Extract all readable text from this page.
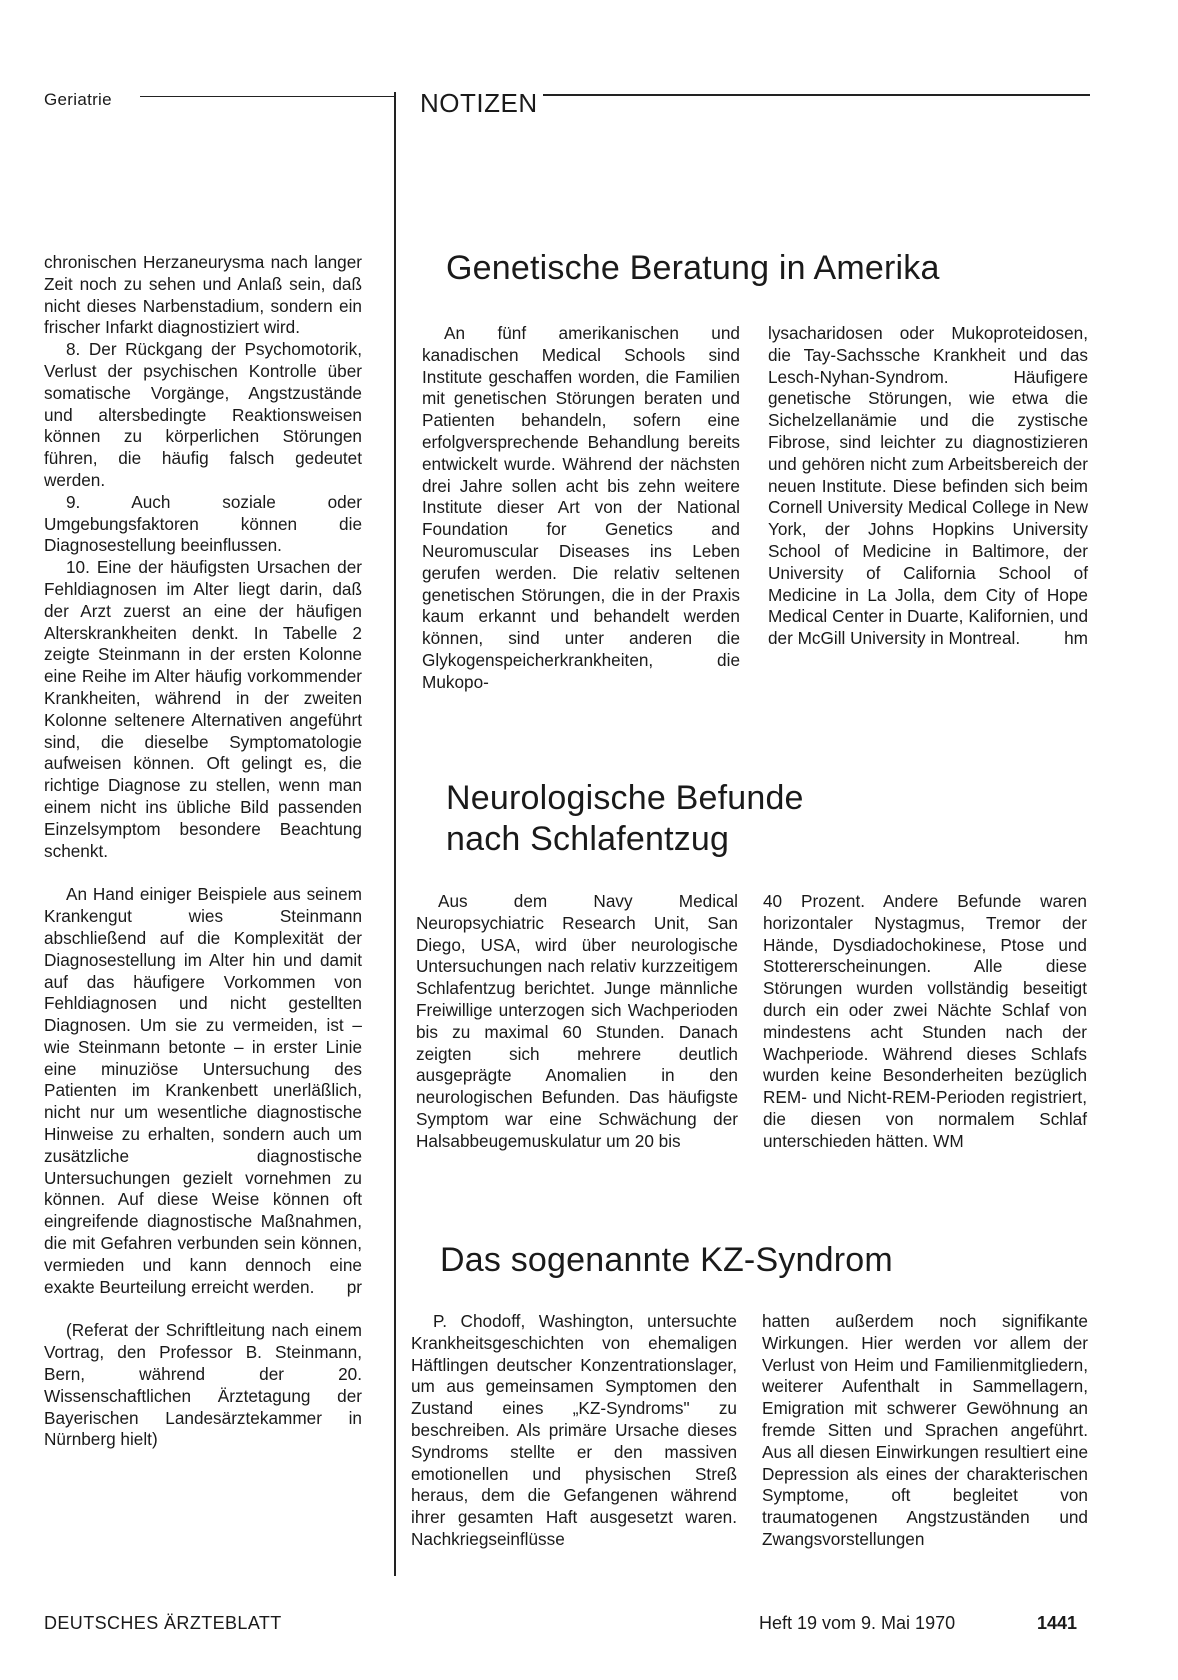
Geriatrie	NOTIZEN

chronischen Herzaneurysma nach langer Zeit noch zu sehen und Anlaß sein, daß nicht dieses Narbenstadium, sondern ein frischer Infarkt diagnostiziert wird.

8. Der Rückgang der Psychomotorik, Verlust der psychischen Kontrolle über somatische Vorgänge, Angstzustände und altersbedingte Reaktionsweisen können zu körperlichen Störungen führen, die häufig falsch gedeutet werden.

9. Auch soziale oder Umgebungsfaktoren können die Diagnosestellung beeinflussen.

10. Eine der häufigsten Ursachen der Fehldiagnosen im Alter liegt darin, daß der Arzt zuerst an eine der häufigen Alterskrankheiten denkt. In Tabelle 2 zeigte Steinmann in der ersten Kolonne eine Reihe im Alter häufig vorkommender Krankheiten, während in der zweiten Kolonne seltenere Alternativen angeführt sind, die dieselbe Symptomatologie aufweisen können. Oft gelingt es, die richtige Diagnose zu stellen, wenn man einem nicht ins übliche Bild passenden Einzelsymptom besondere Beachtung schenkt.

An Hand einiger Beispiele aus seinem Krankengut wies Steinmann abschließend auf die Komplexität der Diagnosestellung im Alter hin und damit auf das häufigere Vorkommen von Fehldiagnosen und nicht gestellten Diagnosen. Um sie zu vermeiden, ist – wie Steinmann betonte – in erster Linie eine minuziöse Untersuchung des Patienten im Krankenbett unerläßlich, nicht nur um wesentliche diagnostische Hinweise zu erhalten, sondern auch um zusätzliche diagnostische Untersuchungen gezielt vornehmen zu können. Auf diese Weise können oft eingreifende diagnostische Maßnahmen, die mit Gefahren verbunden sein können, vermieden und kann dennoch eine exakte Beurteilung erreicht werden.	pr

(Referat der Schriftleitung nach einem Vortrag, den Professor B. Steinmann, Bern, während der 20. Wissenschaftlichen Ärztetagung der Bayerischen Landesärztekammer in Nürnberg hielt)

Genetische Beratung in Amerika

An fünf amerikanischen und kanadischen Medical Schools sind Institute geschaffen worden, die Familien mit genetischen Störungen beraten und Patienten behandeln, sofern eine erfolgversprechende Behandlung bereits entwickelt wurde. Während der nächsten drei Jahre sollen acht bis zehn weitere Institute dieser Art von der National Foundation for Genetics and Neuromuscular Diseases ins Leben gerufen werden. Die relativ seltenen genetischen Störungen, die in der Praxis kaum erkannt und behandelt werden können, sind unter anderen die Glykogenspeicherkrankheiten, die Mukopo-

lysacharidosen oder Mukoproteidosen, die Tay-Sachssche Krankheit und das Lesch-Nyhan-Syndrom. Häufigere genetische Störungen, wie etwa die Sichelzellanämie und die zystische Fibrose, sind leichter zu diagnostizieren und gehören nicht zum Arbeitsbereich der neuen Institute. Diese befinden sich beim Cornell University Medical College in New York, der Johns Hopkins University School of Medicine in Baltimore, der University of California School of Medicine in La Jolla, dem City of Hope Medical Center in Duarte, Kalifornien, und der McGill University in Montreal.	hm

Neurologische Befunde
nach Schlafentzug

Aus dem Navy Medical Neuropsychiatric Research Unit, San Diego, USA, wird über neurologische Untersuchungen nach relativ kurzzeitigem Schlafentzug berichtet. Junge männliche Freiwillige unterzogen sich Wachperioden bis zu maximal 60 Stunden. Danach zeigten sich mehrere deutlich ausgeprägte Anomalien in den neurologischen Befunden. Das häufigste Symptom war eine Schwächung der Halsabbeugemuskulatur um 20 bis

40 Prozent. Andere Befunde waren horizontaler Nystagmus, Tremor der Hände, Dysdiadochokinese, Ptose und Stottererscheinungen. Alle diese Störungen wurden vollständig beseitigt durch ein oder zwei Nächte Schlaf von mindestens acht Stunden nach der Wachperiode. Während dieses Schlafs wurden keine Besonderheiten bezüglich REM- und Nicht-REM-Perioden registriert, die diesen von normalem Schlaf unterschieden hätten. WM

Das sogenannte KZ-Syndrom

P. Chodoff, Washington, untersuchte Krankheitsgeschichten von ehemaligen Häftlingen deutscher Konzentrationslager, um aus gemeinsamen Symptomen den Zustand eines „KZ-Syndroms" zu beschreiben. Als primäre Ursache dieses Syndroms stellte er den massiven emotionellen und physischen Streß heraus, dem die Gefangenen während ihrer gesamten Haft ausgesetzt waren. Nachkriegseinflüsse

hatten außerdem noch signifikante Wirkungen. Hier werden vor allem der Verlust von Heim und Familienmitgliedern, weiterer Aufenthalt in Sammellagern, Emigration mit schwerer Gewöhnung an fremde Sitten und Sprachen angeführt. Aus all diesen Einwirkungen resultiert eine Depression als eines der charakterischen Symptome, oft begleitet von traumatogenen Angstzuständen und Zwangsvorstellungen

DEUTSCHES ÄRZTEBLATT	Heft 19 vom 9. Mai 1970	1441
